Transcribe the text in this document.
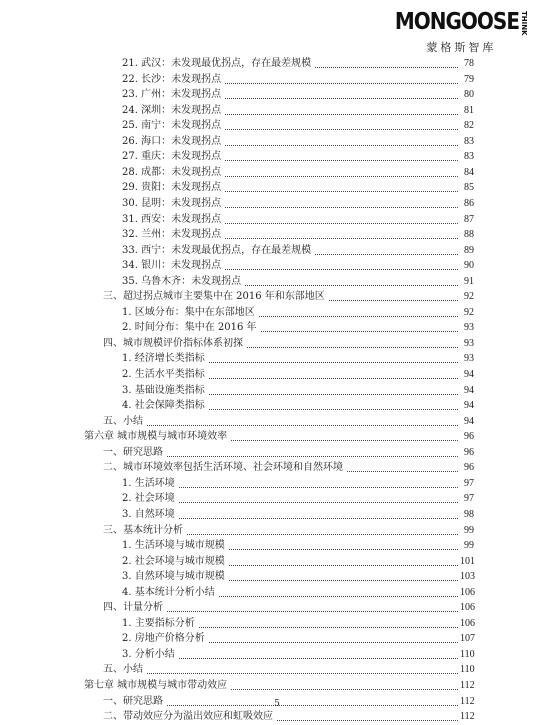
MONGOOSE THINK
蒙格斯智库
21. 武汉：未发现最优拐点，存在最差规模	78
22. 长沙：未发现拐点	79
23. 广州：未发现拐点	80
24. 深圳：未发现拐点	81
25. 南宁：未发现拐点	82
26. 海口：未发现拐点	83
27. 重庆：未发现拐点	83
28. 成都：未发现拐点	84
29. 贵阳：未发现拐点	85
30. 昆明：未发现拐点	86
31. 西安：未发现拐点	87
32. 兰州：未发现拐点	88
33. 西宁：未发现最优拐点，存在最差规模	89
34. 银川：未发现拐点	90
35. 乌鲁木齐：未发现拐点	91
三、超过拐点城市主要集中在 2016 年和东部地区	92
1. 区域分布：集中在东部地区	92
2. 时间分布：集中在 2016 年	93
四、城市规模评价指标体系初探	93
1. 经济增长类指标	93
2. 生活水平类指标	94
3. 基础设施类指标	94
4. 社会保障类指标	94
五、小结	94
第六章 城市规模与城市环境效率	96
一、研究思路	96
二、城市环境效率包括生活环境、社会环境和自然环境	96
1. 生活环境	97
2. 社会环境	97
3. 自然环境	98
三、基本统计分析	99
1. 生活环境与城市规模	99
2. 社会环境与城市规模	101
3. 自然环境与城市规模	103
4. 基本统计分析小结	106
四、计量分析	106
1. 主要指标分析	106
2. 房地产价格分析	107
3. 分析小结	110
五、小结	110
第七章 城市规模与城市带动效应	112
一、研究思路	112
二、带动效应分为溢出效应和虹吸效应	112
5
